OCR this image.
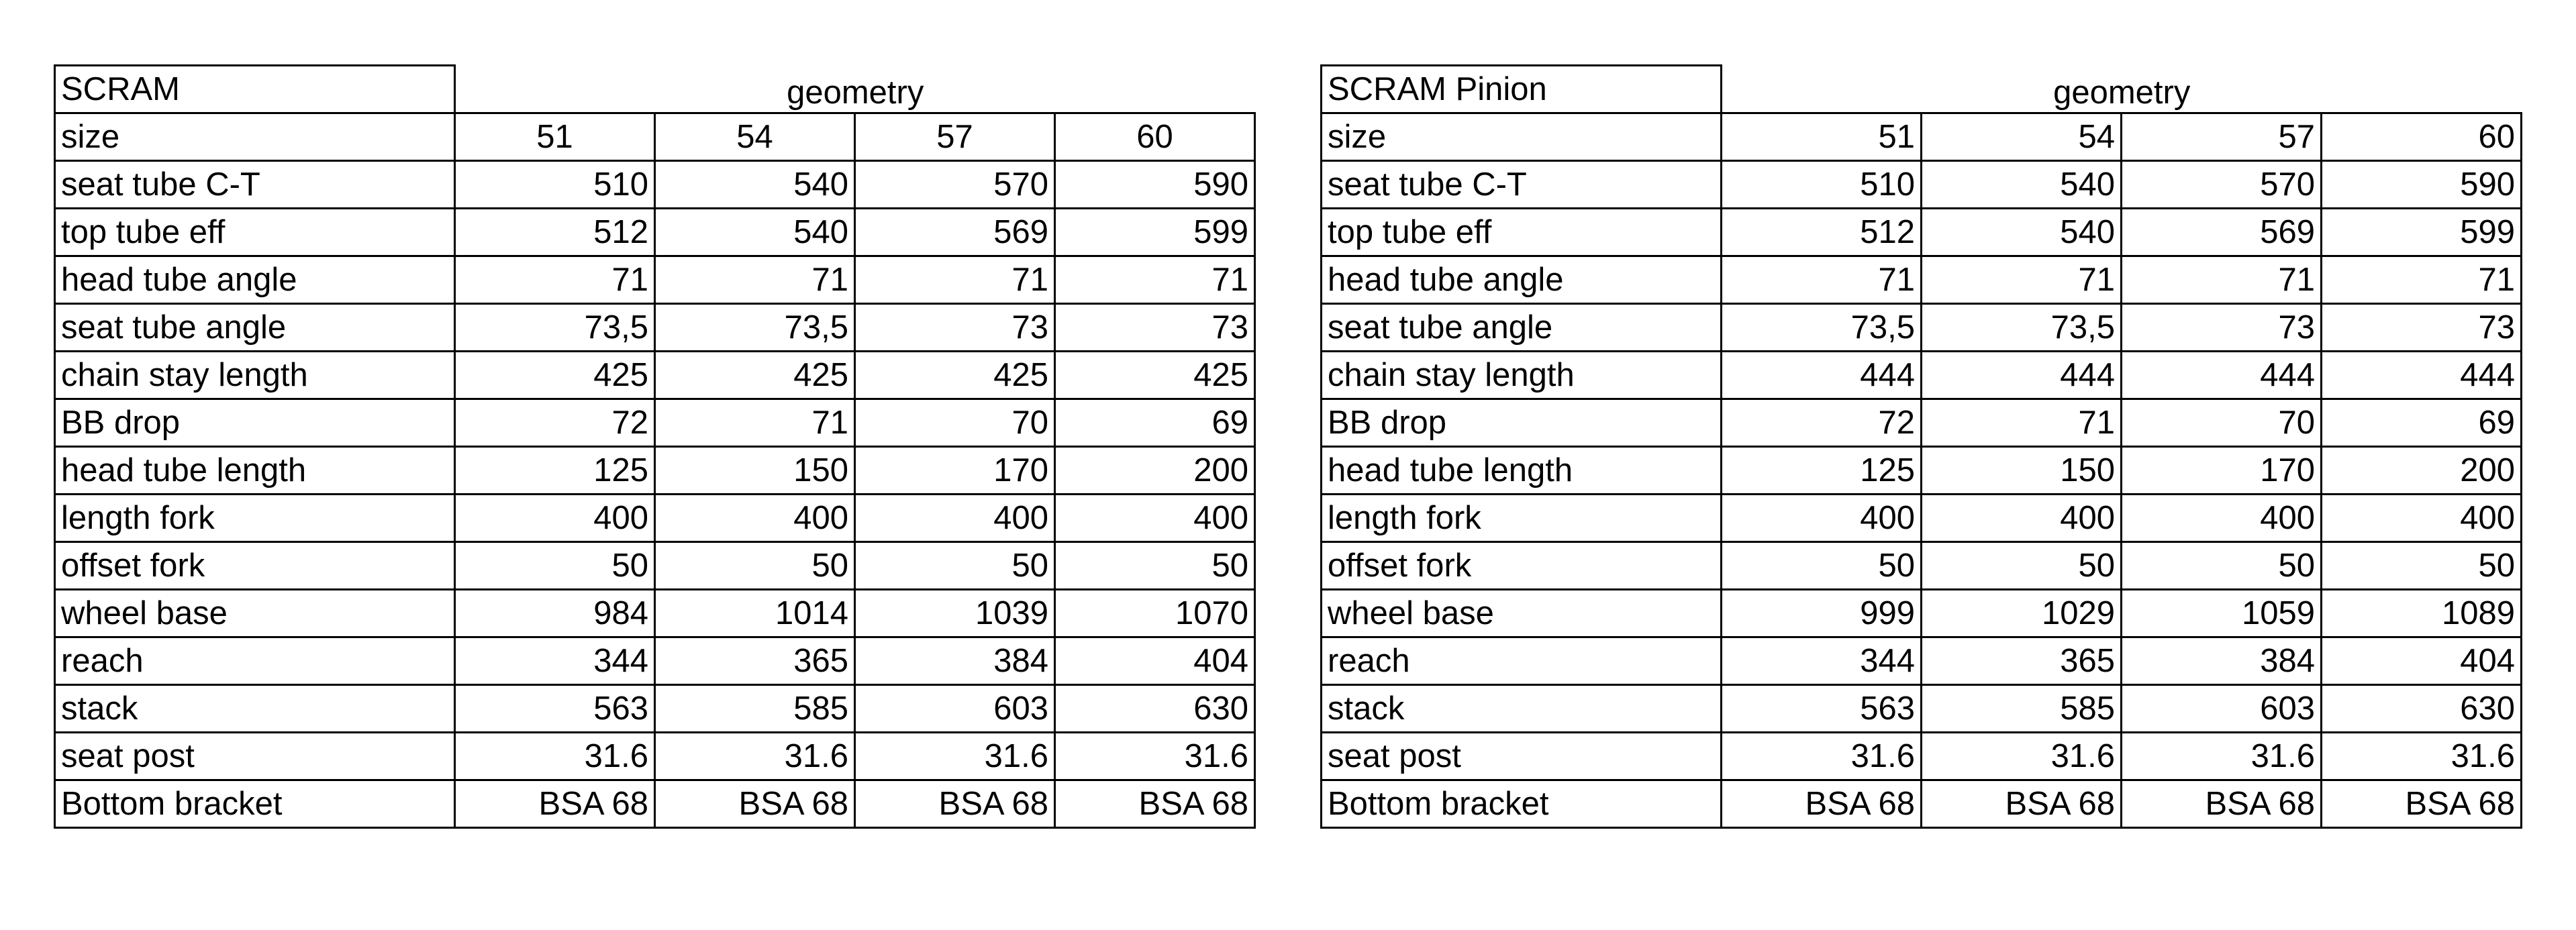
SCRAM	geometry			
size	51	54	57	60
seat tube C-T	510	540	570	590
top tube eff	512	540	569	599
head tube angle	71	71	71	71
seat tube angle	73,5	73,5	73	73
chain stay length	425	425	425	425
BB drop	72	71	70	69
head tube length	125	150	170	200
length fork	400	400	400	400
offset fork	50	50	50	50
wheel base	984	1014	1039	1070
reach	344	365	384	404
stack	563	585	603	630
seat post	31.6	31.6	31.6	31.6
Bottom bracket	BSA 68	BSA 68	BSA 68	BSA 68
SCRAM Pinion	geometry			
size	51	54	57	60
seat tube C-T	510	540	570	590
top tube eff	512	540	569	599
head tube angle	71	71	71	71
seat tube angle	73,5	73,5	73	73
chain stay length	444	444	444	444
BB drop	72	71	70	69
head tube length	125	150	170	200
length fork	400	400	400	400
offset fork	50	50	50	50
wheel base	999	1029	1059	1089
reach	344	365	384	404
stack	563	585	603	630
seat post	31.6	31.6	31.6	31.6
Bottom bracket	BSA 68	BSA 68	BSA 68	BSA 68
